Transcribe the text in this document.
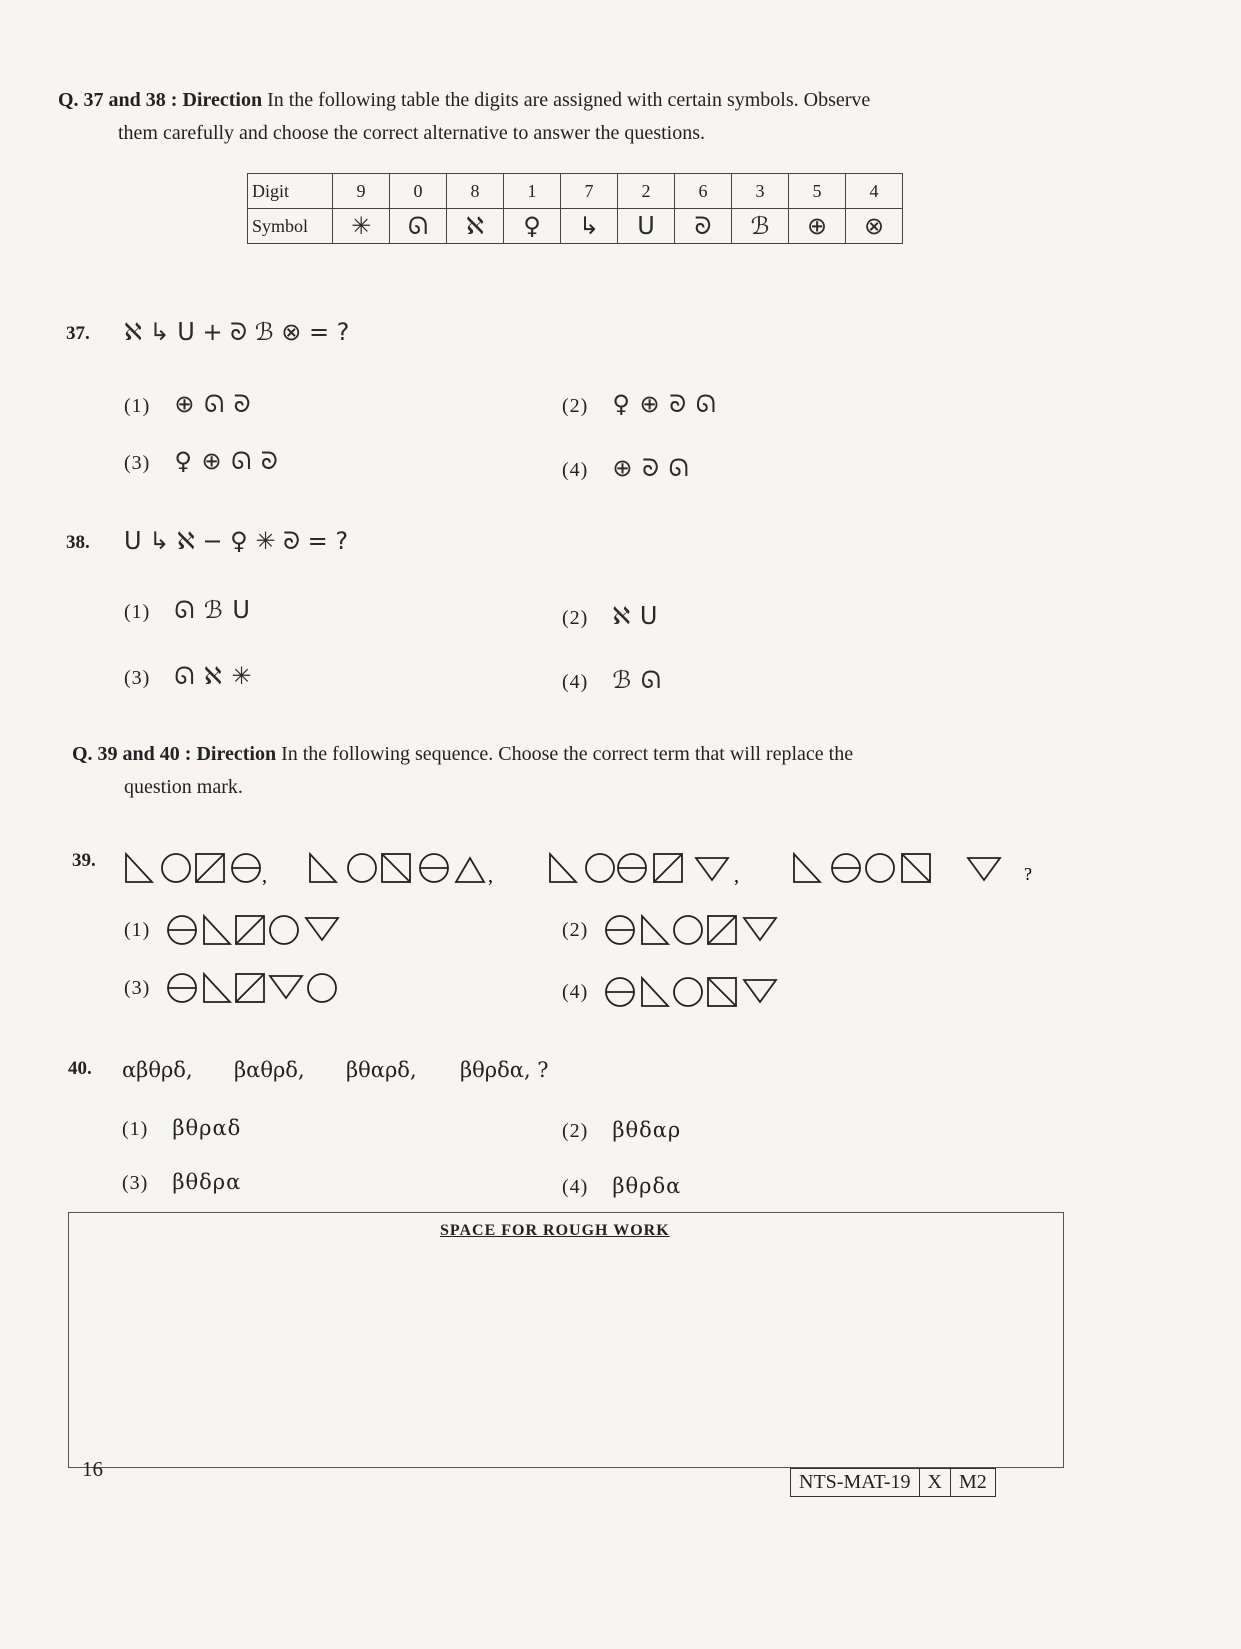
Q. 37 and 38 : Direction In the following table the digits are assigned with certain symbols. Observe
them carefully and choose the correct alternative to answer the questions.
Digit	9	0	8	1	7	2	6	3	5	4
Symbol	✳	ᘏ	ℵ	♀	↳	ᑌ	ᘐ	ℬ	⊕	⊗
37. ℵ ↳ ᑌ + ᘐ ℬ ⊗ = ?
(1) ⊕ ᘏ ᘐ	(2) ♀ ⊕ ᘐ ᘏ
(3) ♀ ⊕ ᘏ ᘐ	(4) ⊕ ᘐ ᘏ
38. ᑌ ↳ ℵ − ♀ ✳ ᘐ = ?
(1) ᘏ ℬ ᑌ	(2) ℵ ᑌ
(3) ᘏ ℵ ✳	(4) ℬ ᘏ
Q. 39 and 40 : Direction In the following sequence. Choose the correct term that will replace the
question mark.
39.
,	,	,	?
(1)	(2)
(3)	(4)
40. αβθρδ, βαθρδ, βθαρδ, βθρδα, ?
(1) βθραδ	(2) βθδαρ
(3) βθδρα	(4) βθρδα
SPACE FOR ROUGH WORK
16
NTS-MAT-19 X M2
